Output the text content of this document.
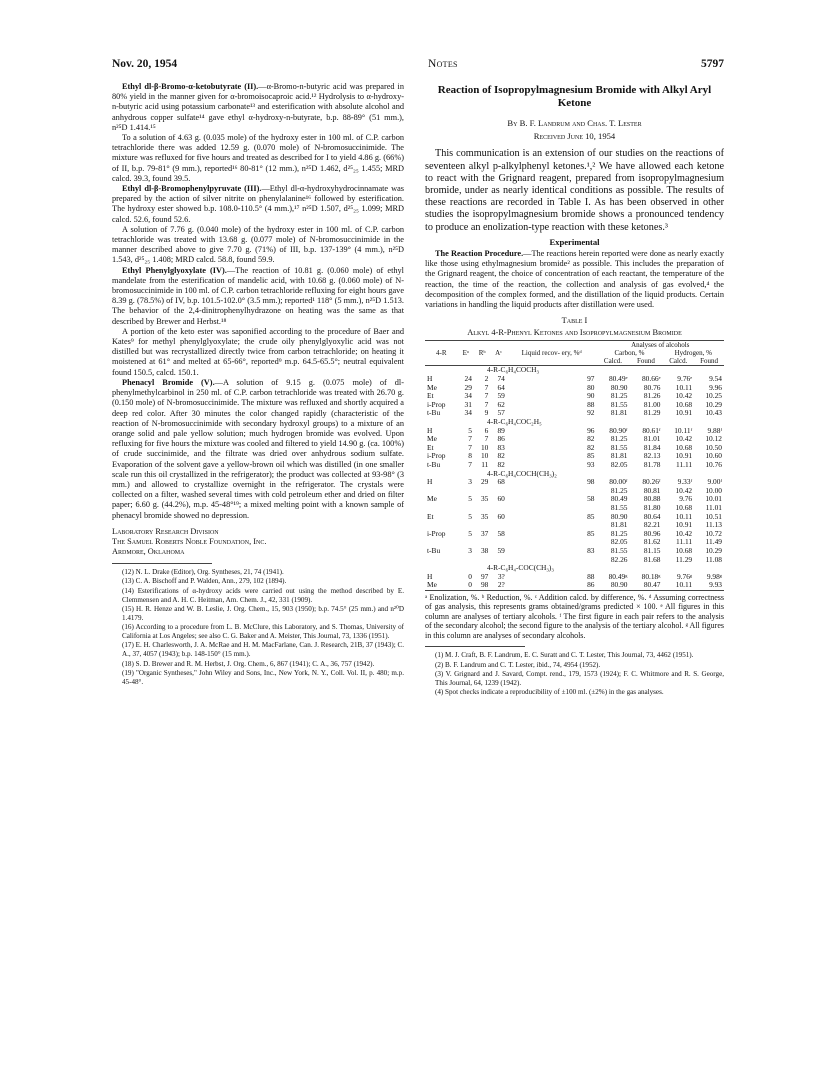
Nov. 20, 1954	Notes	5797

Ethyl dl-β-Bromo-α-ketobutyrate (II).—α-Bromo-n-butyric acid was prepared in 80% yield in the manner given for α-bromoisocaproic acid.¹² Hydrolysis to α-hydroxy-n-butyric acid using potassium carbonate¹³ and esterification with absolute alcohol and anhydrous copper sulfate¹⁴ gave ethyl α-hydroxy-n-butyrate, b.p. 88-89° (51 mm.), n²⁵D 1.414.¹⁵

To a solution of 4.63 g. (0.035 mole) of the hydroxy ester in 100 ml. of C.P. carbon tetrachloride there was added 12.59 g. (0.070 mole) of N-bromosuccinimide. The mixture was refluxed for five hours and treated as described for I to yield 4.86 g. (66%) of II, b.p. 79-81° (9 mm.), reported¹⁶ 80-81° (12 mm.), n²⁵D 1.462, d²⁵₂₅ 1.455; MRD calcd. 39.3, found 39.5.

Ethyl dl-β-Bromophenylpyruvate (III).—Ethyl dl-α-hydroxyhydrocinnamate was prepared by the action of silver nitrite on phenylalanine¹⁶ followed by esterification. The hydroxy ester showed b.p. 108.0-110.5° (4 mm.),¹⁷ n²⁵D 1.507, d²⁵₂₅ 1.099; MRD calcd. 52.6, found 52.6.

A solution of 7.76 g. (0.040 mole) of the hydroxy ester in 100 ml. of C.P. carbon tetrachloride was treated with 13.68 g. (0.077 mole) of N-bromosuccinimide in the manner described above to give 7.70 g. (71%) of III, b.p. 137-139° (4 mm.), n²⁵D 1.543, d²⁵₂₅ 1.408; MRD calcd. 58.8, found 59.9.

Ethyl Phenylglyoxylate (IV).—The reaction of 10.81 g. (0.060 mole) of ethyl mandelate from the esterification of mandelic acid, with 10.68 g. (0.060 mole) of N-bromosuccinimide in 100 ml. of C.P. carbon tetrachloride refluxing for eight hours gave 8.39 g. (78.5%) of IV, b.p. 101.5-102.0° (3.5 mm.); reported¹ 118° (5 mm.), n²⁵D 1.513. The behavior of the 2,4-dinitrophenylhydrazone on heating was the same as that described by Brewer and Herbst.¹⁸

A portion of the keto ester was saponified according to the procedure of Baer and Kates⁹ for methyl phenylglyoxylate; the crude oily phenylglyoxylic acid was not distilled but was recrystallized directly twice from carbon tetrachloride; on heating it moistened at 61° and melted at 65-66°, reported⁹ m.p. 64.5-65.5°; neutral equivalent found 150.5, calcd. 150.1.

Phenacyl Bromide (V).—A solution of 9.15 g. (0.075 mole) of dl-phenylmethylcarbinol in 250 ml. of C.P. carbon tetrachloride was treated with 26.70 g. (0.150 mole) of N-bromosuccinimide. The mixture was refluxed and shortly acquired a deep red color. After 30 minutes the color changed rapidly (characteristic of the reaction of N-bromosuccinimide with secondary hydroxyl groups) to a mixture of an orange solid and pale yellow solution; much hydrogen bromide was evolved. Upon refluxing for five hours the mixture was cooled and filtered to yield 14.90 g. (ca. 100%) of crude succinimide, and the filtrate was dried over anhydrous sodium sulfate. Evaporation of the solvent gave a yellow-brown oil which was distilled (in one smaller scale run this oil crystallized in the refrigerator); the product was collected at 93-98° (3 mm.) and allowed to crystallize overnight in the refrigerator. The crystals were collected on a filter, washed several times with cold petroleum ether and dried on filter paper; 6.60 g. (44.2%), m.p. 45-48°¹⁹; a mixed melting point with a known sample of phenacyl bromide showed no depression.

Laboratory Research Division
The Samuel Roberts Noble Foundation, Inc.
Ardmore, Oklahoma
(12) N. L. Drake (Editor), Org. Syntheses, 21, 74 (1941).
(13) C. A. Bischoff and P. Walden, Ann., 279, 102 (1894).
(14) Esterifications of α-hydroxy acids were carried out using the method described by E. Clemmensen and A. H. C. Heitman, Am. Chem. J., 42, 331 (1909).
(15) H. R. Henze and W. B. Leslie, J. Org. Chem., 15, 903 (1950); b.p. 74.5° (25 mm.) and n²⁰D 1.4179.
(16) According to a procedure from L. B. McClure, this Laboratory, and S. Thomas, University of California at Los Angeles; see also C. G. Baker and A. Meister, This Journal, 73, 1336 (1951).
(17) E. H. Charlesworth, J. A. McRae and H. M. MacFarlane, Can. J. Research, 21B, 37 (1943); C. A., 37, 4057 (1943); b.p. 148-150° (15 mm.).
(18) S. D. Brewer and R. M. Herbst, J. Org. Chem., 6, 867 (1941); C. A., 36, 757 (1942).
(19) "Organic Syntheses," John Wiley and Sons, Inc., New York, N. Y., Coll. Vol. II, p. 480; m.p. 45-48°.
Reaction of Isopropylmagnesium Bromide with Alkyl Aryl Ketone
By B. F. Landrum and Chas. T. Lester
Received June 10, 1954

This communication is an extension of our studies on the reactions of seventeen alkyl p-alkylphenyl ketones.¹,² We have allowed each ketone to react with the Grignard reagent, prepared from isopropylmagnesium bromide, under as nearly identical conditions as possible. The results of these reactions are recorded in Table I. As has been observed in other studies the isopropylmagnesium bromide shows a pronounced tendency to produce an enolization-type reaction with these ketones.³

Experimental

The Reaction Procedure.—The reactions herein reported were done as nearly exactly like those using ethylmagnesium bromide² as possible. This includes the preparation of the Grignard reagent, the choice of concentration of each reactant, the temperature of the reaction, the time of the reaction, the collection and analysis of gas evolved,⁴ the decomposition of the complex formed, and the distillation of the liquid products. Certain variations in handling the liquid products after distillation were used.

Table I
Alkyl 4-R-Phenyl Ketones and Isopropylmagnesium Bromide

4-R	Eᵃ	Rᵇ	Aᶜ	Liquid recov- ery, %ᵈ	Analyses of alcohols			
					Carbon, %		Hydrogen, %	
					Calcd.	Found	Calcd.	Found

4-R-C₆H₄COCH₃								
H	24	2	74	97	80.49ᵉ	80.66ᵉ	9.76ᵉ	9.54
Me	29	7	64	80	80.90	80.76	10.11	9.96
Et	34	7	59	90	81.25	81.26	10.42	10.25
i-Prop	31	7	62	88	81.55	81.00	10.68	10.29
t-Bu	34	9	57	92	81.81	81.29	10.91	10.43
4-R-C₆H₄COC₂H₅								
H	5	6	89	96	80.90ᶠ	80.61ᶠ	10.11ᶠ	9.88ᶠ
Me	7	7	86	82	81.25	81.01	10.42	10.12
Et	7	10	83	82	81.55	81.84	10.68	10.50
i-Prop	8	10	82	85	81.81	82.13	10.91	10.60
t-Bu	7	11	82	93	82.05	81.78	11.11	10.76
4-R-C₆H₄COCH(CH₃)₂								
H	3	29	68	98	80.00ᶠ	80.26ᶠ	9.33ᶠ	9.00ᶠ
					81.25	80.81	10.42	10.00
Me	5	35	60	58	80.49	80.88	9.76	10.01
					81.55	81.80	10.68	11.01
Et	5	35	60	85	80.90	80.64	10.11	10.51
					81.81	82.21	10.91	11.13
i-Prop	5	37	58	85	81.25	80.96	10.42	10.72
					82.05	81.62	11.11	11.49
t-Bu	3	38	59	83	81.55	81.15	10.68	10.29
					82.26	81.68	11.29	11.08
4-R-C₆H₄-COC(CH₃)₃								
H	0	97	3?	88	80.49ᵍ	80.18ᵍ	9.76ᵍ	9.98ᵍ
Me	0	98	2?	86	80.90	80.47	10.11	9.93

ᵃ Enolization, %. ᵇ Reduction, %. ᶜ Addition calcd. by difference, %. ᵈ Assuming correctness of gas analysis, this represents grams obtained/grams predicted × 100. ᵉ All figures in this column are analyses of tertiary alcohols. ᶠ The first figure in each pair refers to the analysis of the secondary alcohol; the second figure to the analysis of the tertiary alcohol. ᵍ All figures in this column are analyses of secondary alcohols.
(1) M. J. Craft, B. F. Landrum, E. C. Suratt and C. T. Lester, This Journal, 73, 4462 (1951).
(2) B. F. Landrum and C. T. Lester, ibid., 74, 4954 (1952).
(3) V. Grignard and J. Savard, Compt. rend., 179, 1573 (1924); F. C. Whitmore and R. S. George, This Journal, 64, 1239 (1942).
(4) Spot checks indicate a reproducibility of ±100 ml. (±2%) in the gas analyses.
